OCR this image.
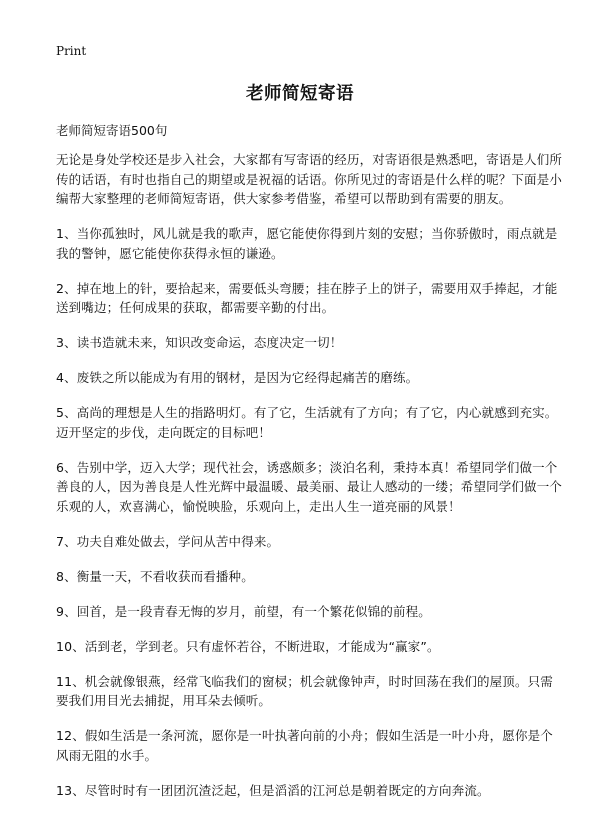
Print
老师简短寄语

老师简短寄语500句

无论是身处学校还是步入社会，大家都有写寄语的经历，对寄语很是熟悉吧，寄语是人们所传的话语，有时也指自己的期望或是祝福的话语。你所见过的寄语是什么样的呢？下面是小编帮大家整理的老师简短寄语，供大家参考借鉴，希望可以帮助到有需要的朋友。

1、当你孤独时，风儿就是我的歌声，愿它能使你得到片刻的安慰；当你骄傲时，雨点就是我的警钟，愿它能使你获得永恒的谦逊。

2、掉在地上的针，要拾起来，需要低头弯腰；挂在脖子上的饼子，需要用双手捧起，才能送到嘴边；任何成果的获取，都需要辛勤的付出。

3、读书造就未来，知识改变命运，态度决定一切！

4、废铁之所以能成为有用的钢材，是因为它经得起痛苦的磨练。

5、高尚的理想是人生的指路明灯。有了它，生活就有了方向；有了它，内心就感到充实。迈开坚定的步伐，走向既定的目标吧！

6、告别中学，迈入大学；现代社会，诱惑颇多；淡泊名利，秉持本真！希望同学们做一个善良的人，因为善良是人性光辉中最温暖、最美丽、最让人感动的一缕；希望同学们做一个乐观的人，欢喜满心，愉悦映脸，乐观向上，走出人生一道亮丽的风景！

7、功夫自难处做去，学问从苦中得来。

8、衡量一天，不看收获而看播种。

9、回首，是一段青春无悔的岁月，前望，有一个繁花似锦的前程。

10、活到老，学到老。只有虚怀若谷，不断进取，才能成为“赢家”。

11、机会就像银燕，经常飞临我们的窗棂；机会就像钟声，时时回荡在我们的屋顶。只需要我们用目光去捕捉，用耳朵去倾听。

12、假如生活是一条河流，愿你是一叶执著向前的小舟；假如生活是一叶小舟，愿你是个风雨无阻的水手。

13、尽管时时有一团团沉渣泛起，但是滔滔的江河总是朝着既定的方向奔流。
